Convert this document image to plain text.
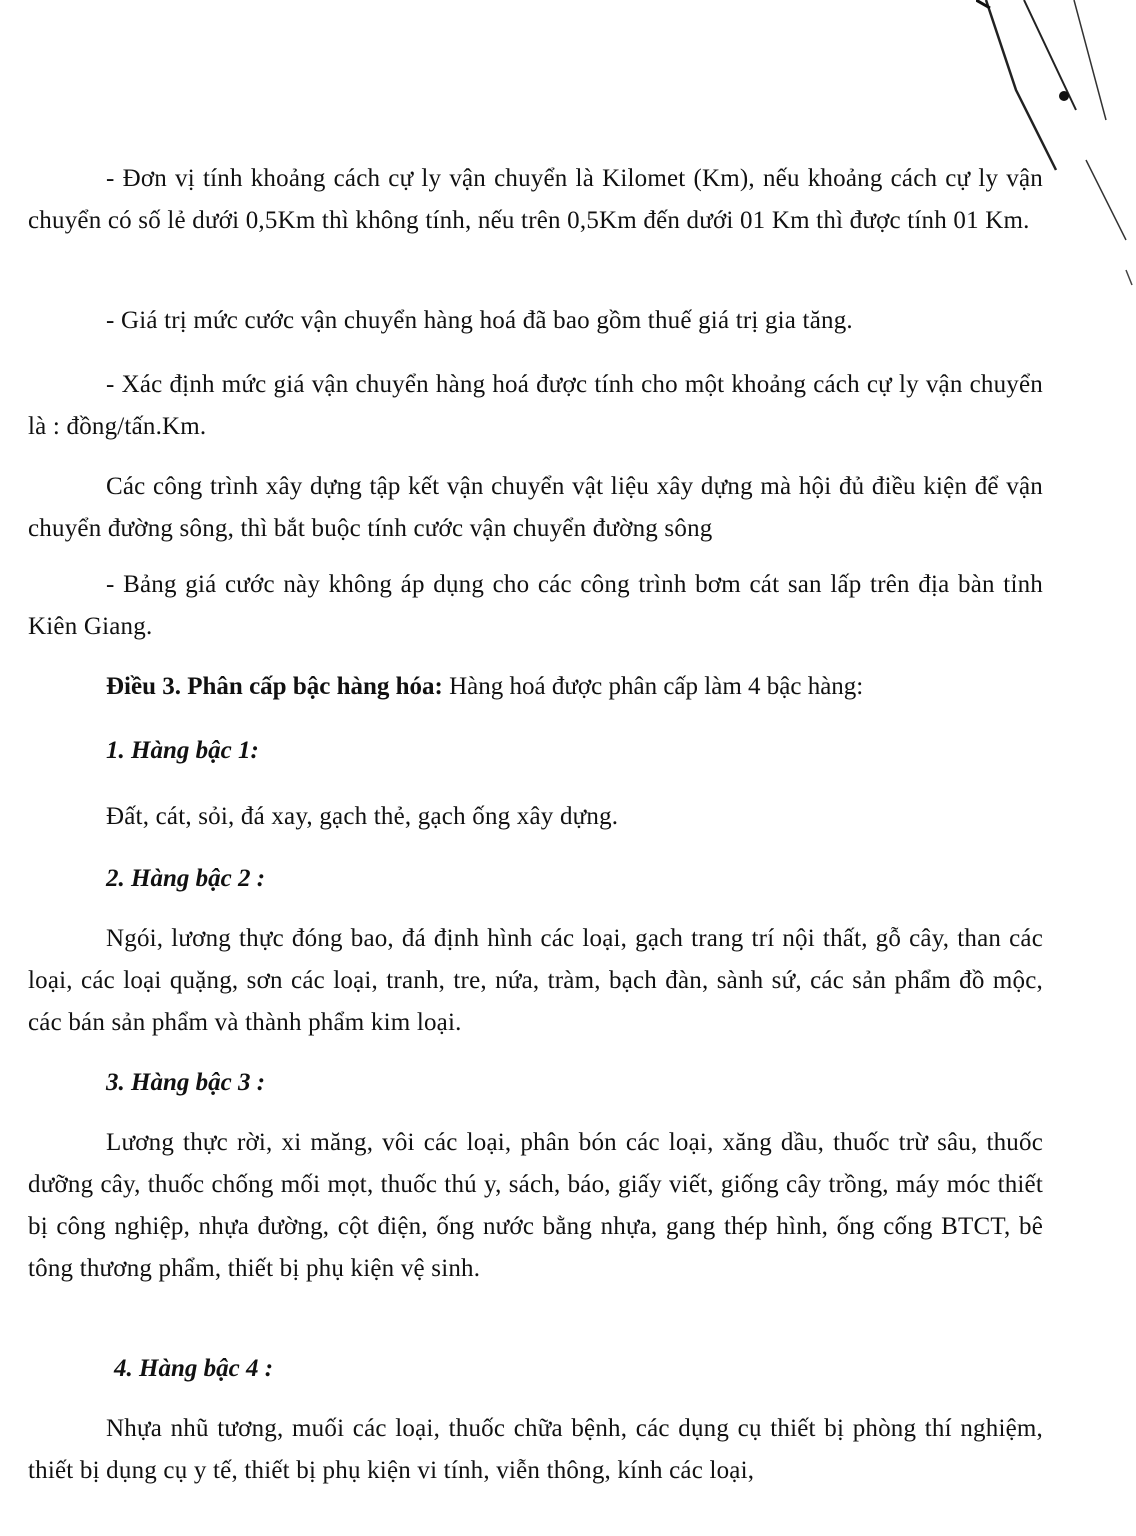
- Đơn vị tính khoảng cách cự ly vận chuyển là Kilomet (Km), nếu khoảng cách cự ly vận chuyển có số lẻ dưới 0,5Km thì không tính, nếu trên 0,5Km đến dưới 01 Km thì được tính 01 Km.
- Giá trị mức cước vận chuyển hàng hoá đã bao gồm thuế giá trị gia tăng.
- Xác định mức giá vận chuyển hàng hoá được tính cho một khoảng cách cự ly vận chuyển là : đồng/tấn.Km.
Các công trình xây dựng tập kết vận chuyển vật liệu xây dựng mà hội đủ điều kiện để vận chuyển đường sông, thì bắt buộc tính cước vận chuyển đường sông
- Bảng giá cước này không áp dụng cho các công trình bơm cát san lấp trên địa bàn tỉnh Kiên Giang.
Điều 3. Phân cấp bậc hàng hóa: Hàng hoá được phân cấp làm 4 bậc hàng:
1. Hàng bậc 1:
Đất, cát, sỏi, đá xay, gạch thẻ, gạch ống xây dựng.
2. Hàng bậc 2 :
Ngói, lương thực đóng bao, đá định hình các loại, gạch trang trí nội thất, gỗ cây, than các loại, các loại quặng, sơn các loại, tranh, tre, nứa, tràm, bạch đàn, sành sứ, các sản phẩm đồ mộc, các bán sản phẩm và thành phẩm kim loại.
3. Hàng bậc 3 :
Lương thực rời, xi măng, vôi các loại, phân bón các loại, xăng dầu, thuốc trừ sâu, thuốc dưỡng cây, thuốc chống mối mọt, thuốc thú y, sách, báo, giấy viết, giống cây trồng, máy móc thiết bị công nghiệp, nhựa đường, cột điện, ống nước bằng nhựa, gang thép hình, ống cống BTCT, bê tông thương phẩm, thiết bị phụ kiện vệ sinh.
4. Hàng bậc 4 :
Nhựa nhũ tương, muối các loại, thuốc chữa bệnh, các dụng cụ thiết bị phòng thí nghiệm, thiết bị dụng cụ y tế, thiết bị phụ kiện vi tính, viễn thông, kính các loại,
